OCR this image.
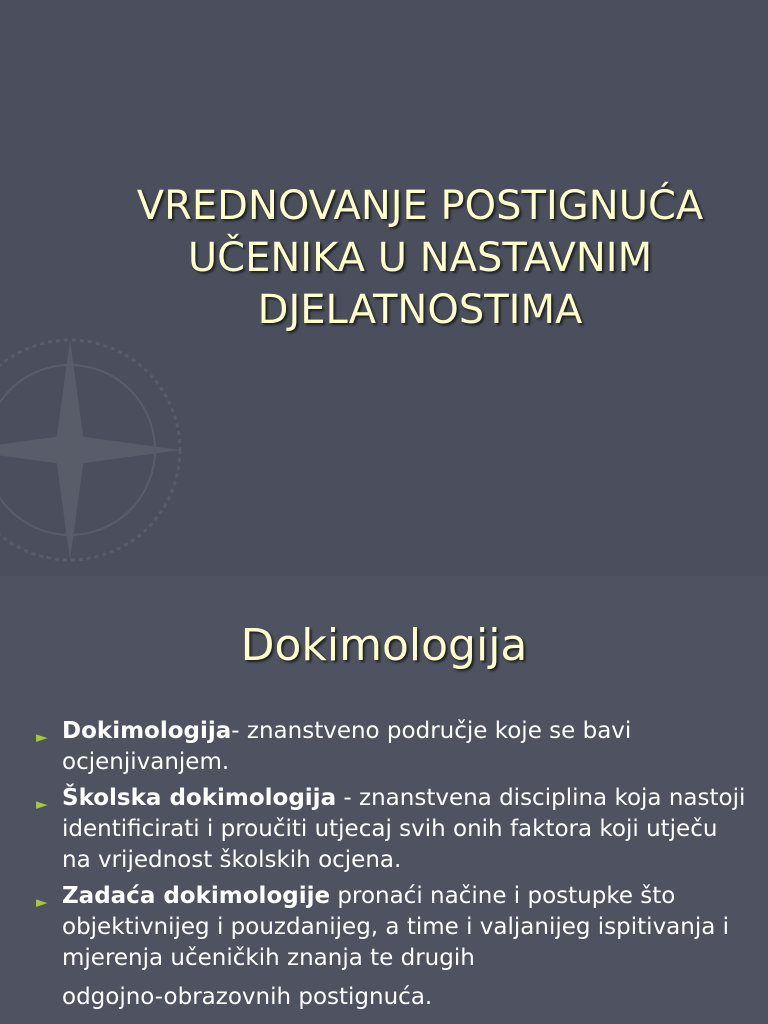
VREDNOVANJE POSTIGNUĆA
UČENIKA U NASTAVNIM
DJELATNOSTIMA
Dokimologija
► Dokimologija- znanstveno područje koje se bavi ocjenjivanjem.
► Školska dokimologija - znanstvena disciplina koja nastoji identificirati i proučiti utjecaj svih onih faktora koji utječu na vrijednost školskih ocjena.
► Zadaća dokimologije pronaći načine i postupke što objektivnijeg i pouzdanijeg, a time i valjanijeg ispitivanja i mjerenja učeničkih znanja te drugih
odgojno-obrazovnih postignuća.
